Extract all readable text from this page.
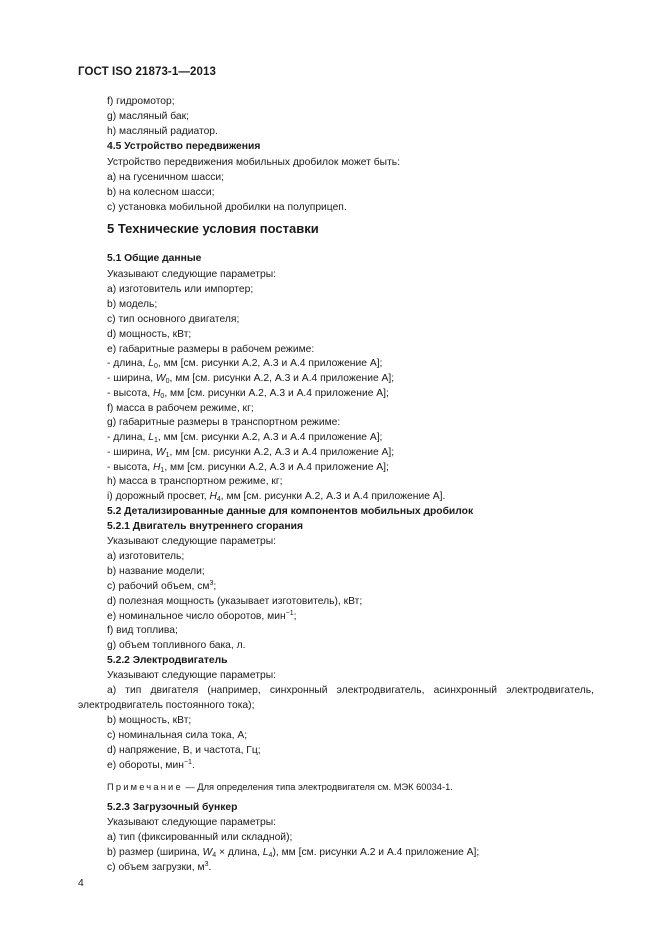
ГОСТ ISO 21873-1—2013
f) гидромотор;
g) масляный бак;
h) масляный радиатор.
4.5 Устройство передвижения
Устройство передвижения мобильных дробилок может быть:
a) на гусеничном шасси;
b) на колесном шасси;
c) установка мобильной дробилки на полуприцеп.
5 Технические условия поставки
5.1 Общие данные
Указывают следующие параметры:
a) изготовитель или импортер;
b) модель;
c) тип основного двигателя;
d) мощность, кВт;
e) габаритные размеры в рабочем режиме:
- длина, $L_0$, мм [см. рисунки А.2, А.3 и А.4 приложение А];
- ширина, $W_0$, мм [см. рисунки А.2, А.3 и А.4 приложение А];
- высота, $H_0$, мм [см. рисунки А.2, А.3 и А.4 приложение А];
f) масса в рабочем режиме, кг;
g) габаритные размеры в транспортном режиме:
- длина, $L_1$, мм [см. рисунки А.2, А.3 и А.4 приложение А];
- ширина, $W_1$, мм [см. рисунки А.2, А.3 и А.4 приложение А];
- высота, $H_1$, мм [см. рисунки А.2, А.3 и А.4 приложение А];
h) масса в транспортном режиме, кг;
i) дорожный просвет, $H_4$, мм [см. рисунки А.2, А.3 и А.4 приложение А].
5.2 Детализированные данные для компонентов мобильных дробилок
5.2.1 Двигатель внутреннего сгорания
Указывают следующие параметры:
a) изготовитель;
b) название модели;
c) рабочий объем, $см^3$;
d) полезная мощность (указывает изготовитель), кВт;
e) номинальное число оборотов, мин$^{-1}$;
f) вид топлива;
g) объем топливного бака, л.
5.2.2 Электродвигатель
Указывают следующие параметры:
a) тип двигателя (например, синхронный электродвигатель, асинхронный электродвигатель,
электродвигатель постоянного тока);
b) мощность, кВт;
c) номинальная сила тока, А;
d) напряжение, В, и частота, Гц;
e) обороты, мин$^{-1}$.
Примечание — Для определения типа электродвигателя см. МЭК 60034-1.
5.2.3 Загрузочный бункер
Указывают следующие параметры:
a) тип (фиксированный или складной);
b) размер (ширина, $W_4$ × длина, $L_4$), мм [см. рисунки А.2 и А.4 приложение А];
c) объем загрузки, $м^3$.
4
